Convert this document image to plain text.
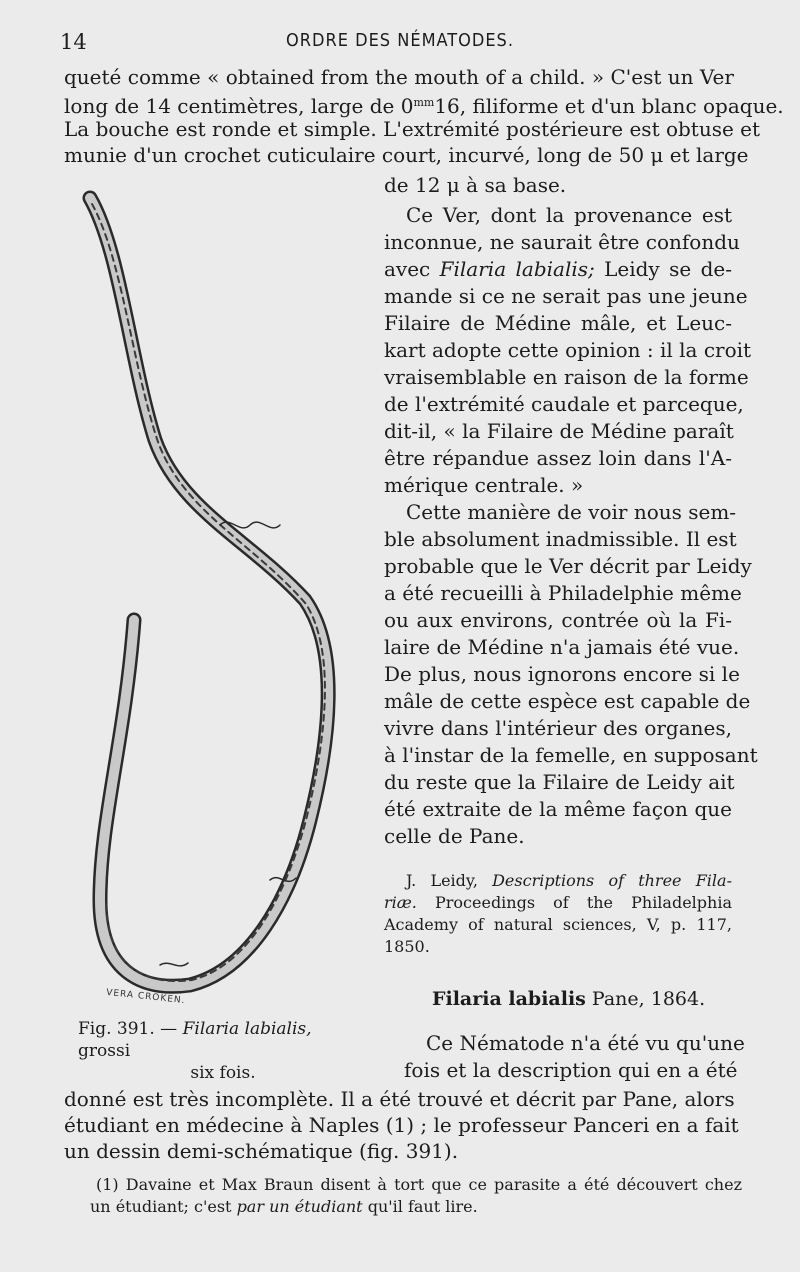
14	ORDRE DES NÉMATODES.
queté comme « obtained from the mouth of a child. » C'est un Ver
long de 14 centimètres, large de $0^{mm}16$, filiforme et d'un blanc opaque.
La bouche est ronde et simple. L'extrémité postérieure est obtuse et
munie d'un crochet cuticulaire court, incurvé, long de 50 μ et large
de 12 μ à sa base.
Ce Ver, dont la provenance est
inconnue, ne saurait être confondu
avec Filaria labialis; Leidy se de-
mande si ce ne serait pas une jeune
Filaire de Médine mâle, et Leuc-
kart adopte cette opinion : il la croit
vraisemblable en raison de la forme
de l'extrémité caudale et parceque,
dit-il, « la Filaire de Médine paraît
être répandue assez loin dans l'A-
mérique centrale. »
Cette manière de voir nous sem-
ble absolument inadmissible. Il est
probable que le Ver décrit par Leidy
a été recueilli à Philadelphie même
ou aux environs, contrée où la Fi-
laire de Médine n'a jamais été vue.
De plus, nous ignorons encore si le
mâle de cette espèce est capable de
vivre dans l'intérieur des organes,
à l'instar de la femelle, en supposant
du reste que la Filaire de Leidy ait
été extraite de la même façon que
celle de Pane.
J. Leidy, Descriptions of three Fila-
riæ. Proceedings of the Philadelphia
Academy of natural sciences, V, p. 117,
1850.
Filaria labialis Pane, 1864.
VERA CROKEN.
Fig. 391. — Filaria labialis, grossi
six fois.
Ce Nématode n'a été vu qu'une
fois et la description qui en a été
donné est très incomplète. Il a été trouvé et décrit par Pane, alors
étudiant en médecine à Naples (1) ; le professeur Panceri en a fait
un dessin demi-schématique (fig. 391).
(1) Davaine et Max Braun disent à tort que ce parasite a été découvert chez
un étudiant; c'est par un étudiant qu'il faut lire.
